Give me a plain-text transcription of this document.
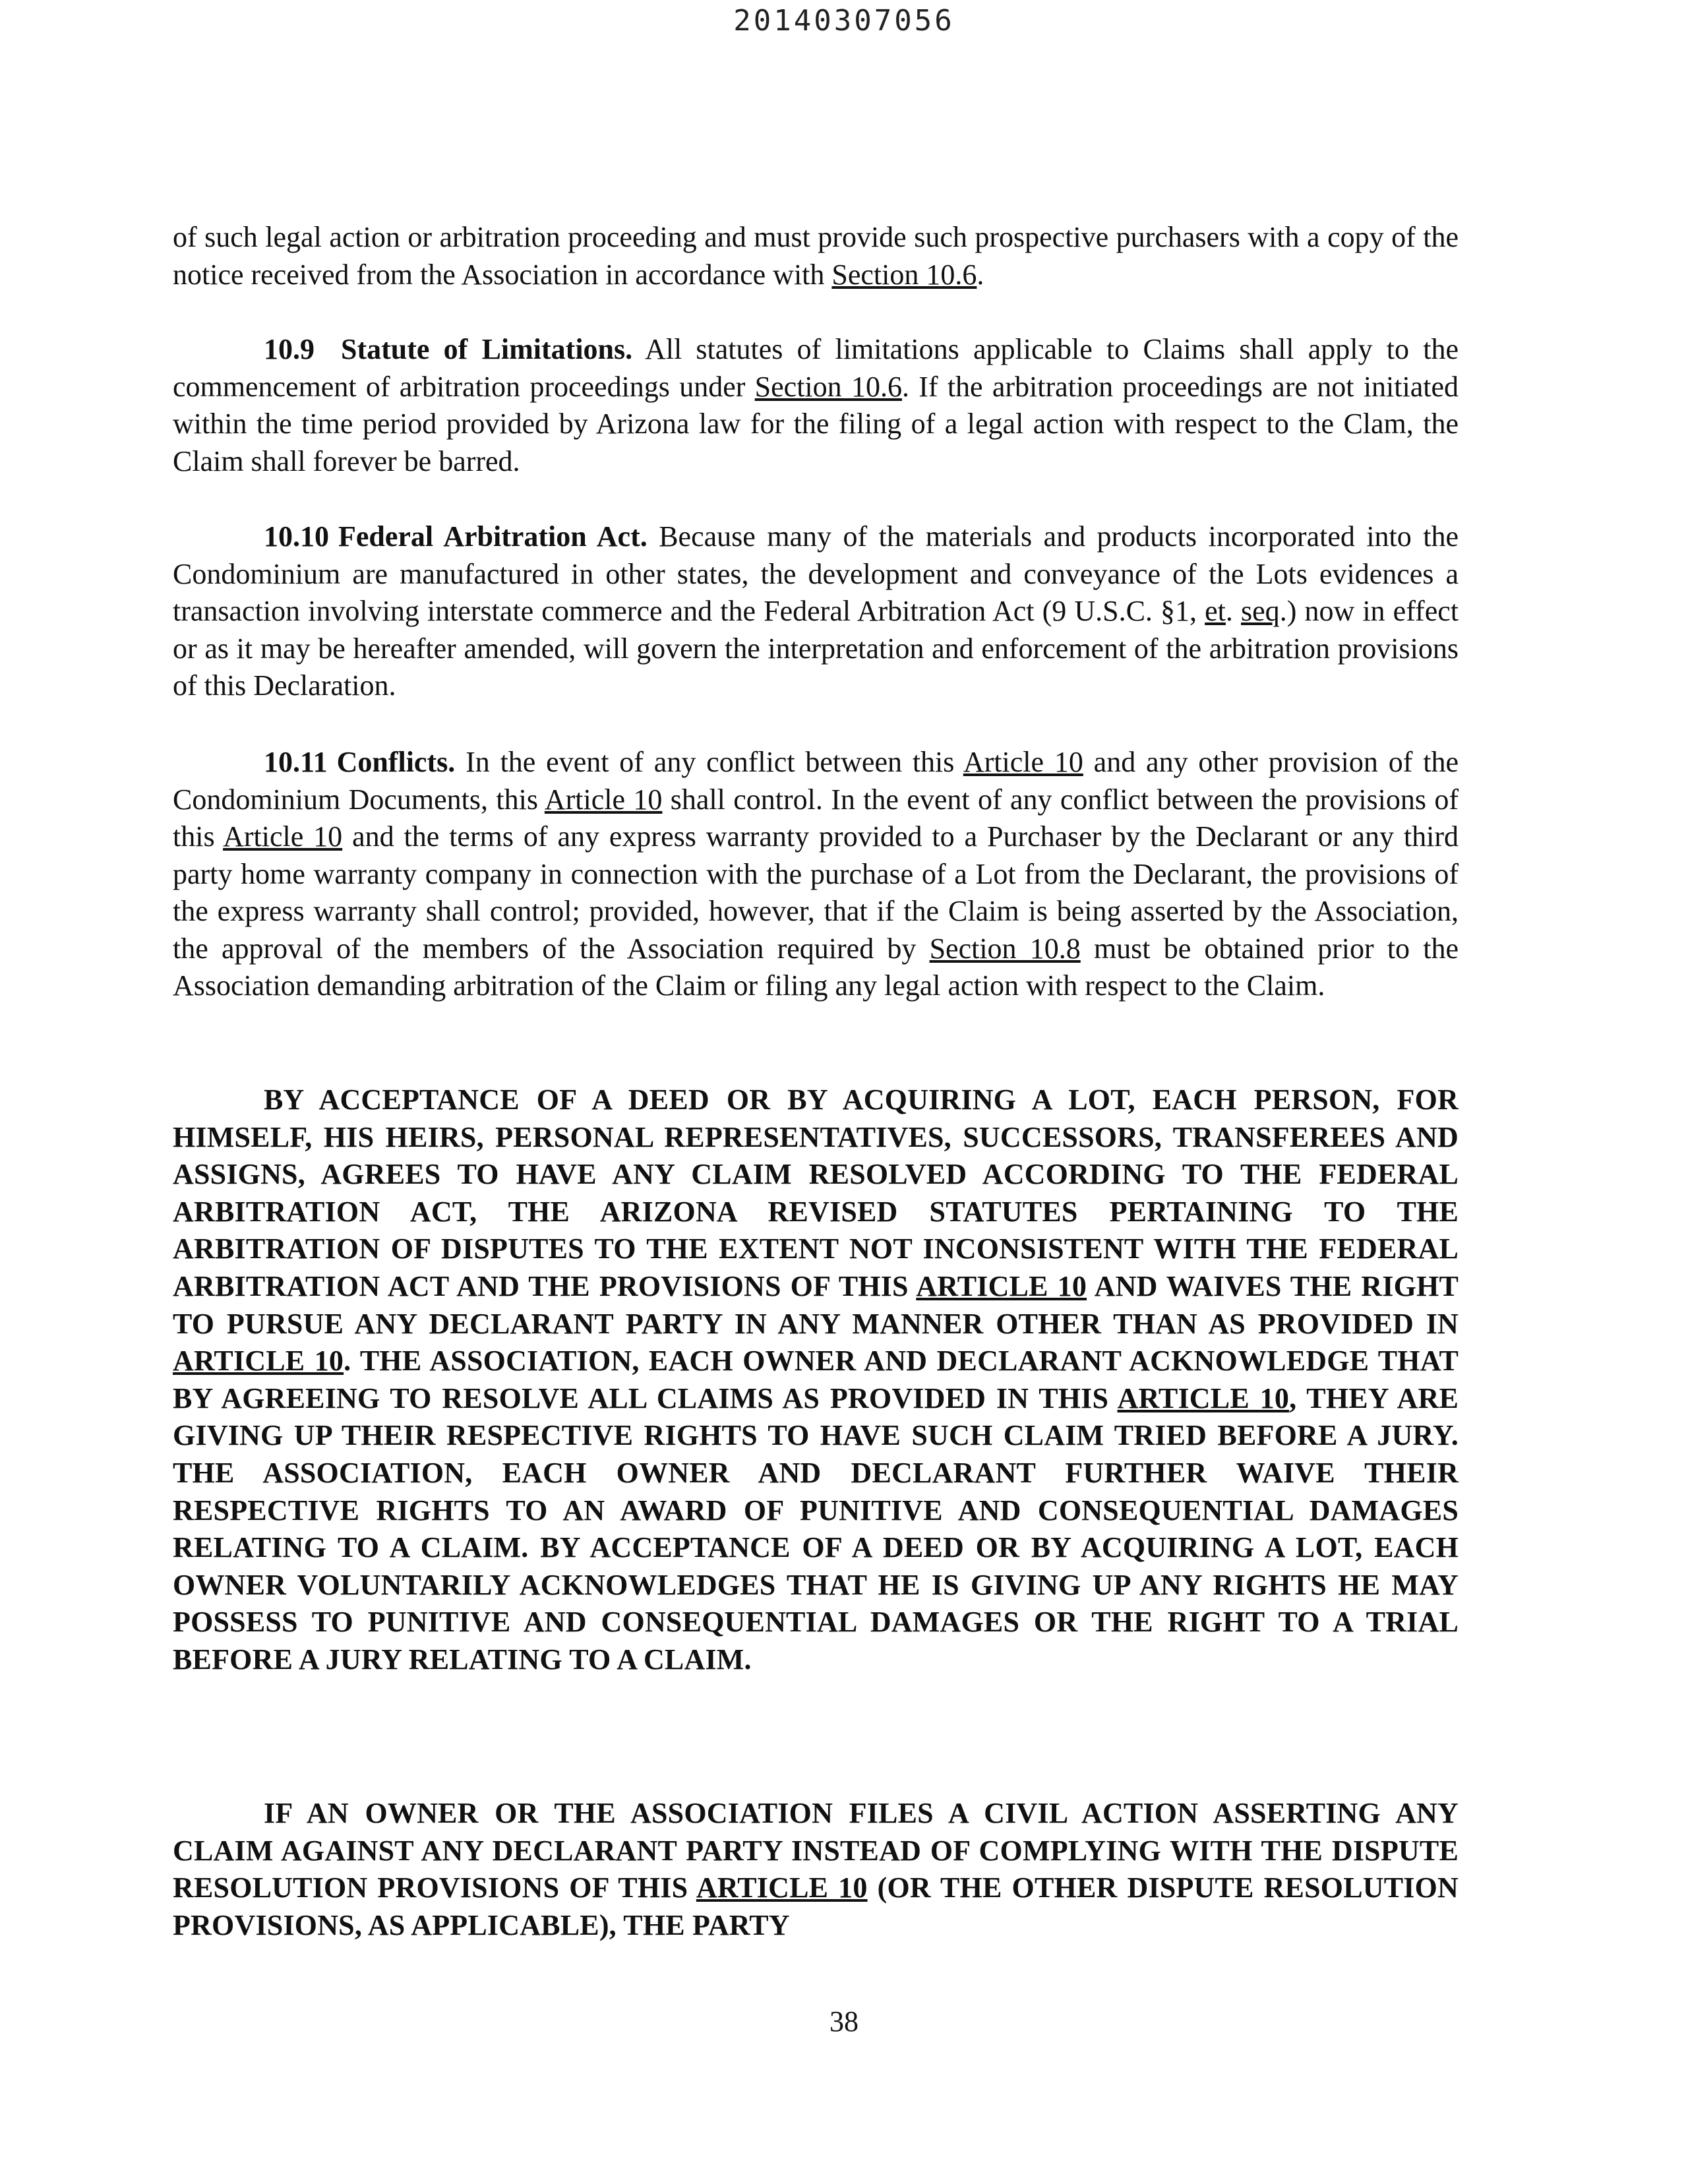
20140307056

of such legal action or arbitration proceeding and must provide such prospective purchasers with a copy of the notice received from the Association in accordance with Section 10.6.

10.9 Statute of Limitations. All statutes of limitations applicable to Claims shall apply to the commencement of arbitration proceedings under Section 10.6. If the arbitration proceedings are not initiated within the time period provided by Arizona law for the filing of a legal action with respect to the Clam, the Claim shall forever be barred.

10.10 Federal Arbitration Act. Because many of the materials and products incorporated into the Condominium are manufactured in other states, the development and conveyance of the Lots evidences a transaction involving interstate commerce and the Federal Arbitration Act (9 U.S.C. §1, et. seq.) now in effect or as it may be hereafter amended, will govern the interpretation and enforcement of the arbitration provisions of this Declaration.

10.11 Conflicts. In the event of any conflict between this Article 10 and any other provision of the Condominium Documents, this Article 10 shall control. In the event of any conflict between the provisions of this Article 10 and the terms of any express warranty provided to a Purchaser by the Declarant or any third party home warranty company in connection with the purchase of a Lot from the Declarant, the provisions of the express warranty shall control; provided, however, that if the Claim is being asserted by the Association, the approval of the members of the Association required by Section 10.8 must be obtained prior to the Association demanding arbitration of the Claim or filing any legal action with respect to the Claim.

BY ACCEPTANCE OF A DEED OR BY ACQUIRING A LOT, EACH PERSON, FOR HIMSELF, HIS HEIRS, PERSONAL REPRESENTATIVES, SUCCESSORS, TRANSFEREES AND ASSIGNS, AGREES TO HAVE ANY CLAIM RESOLVED ACCORDING TO THE FEDERAL ARBITRATION ACT, THE ARIZONA REVISED STATUTES PERTAINING TO THE ARBITRATION OF DISPUTES TO THE EXTENT NOT INCONSISTENT WITH THE FEDERAL ARBITRATION ACT AND THE PROVISIONS OF THIS ARTICLE 10 AND WAIVES THE RIGHT TO PURSUE ANY DECLARANT PARTY IN ANY MANNER OTHER THAN AS PROVIDED IN ARTICLE 10. THE ASSOCIATION, EACH OWNER AND DECLARANT ACKNOWLEDGE THAT BY AGREEING TO RESOLVE ALL CLAIMS AS PROVIDED IN THIS ARTICLE 10, THEY ARE GIVING UP THEIR RESPECTIVE RIGHTS TO HAVE SUCH CLAIM TRIED BEFORE A JURY. THE ASSOCIATION, EACH OWNER AND DECLARANT FURTHER WAIVE THEIR RESPECTIVE RIGHTS TO AN AWARD OF PUNITIVE AND CONSEQUENTIAL DAMAGES RELATING TO A CLAIM. BY ACCEPTANCE OF A DEED OR BY ACQUIRING A LOT, EACH OWNER VOLUNTARILY ACKNOWLEDGES THAT HE IS GIVING UP ANY RIGHTS HE MAY POSSESS TO PUNITIVE AND CONSEQUENTIAL DAMAGES OR THE RIGHT TO A TRIAL BEFORE A JURY RELATING TO A CLAIM.

IF AN OWNER OR THE ASSOCIATION FILES A CIVIL ACTION ASSERTING ANY CLAIM AGAINST ANY DECLARANT PARTY INSTEAD OF COMPLYING WITH THE DISPUTE RESOLUTION PROVISIONS OF THIS ARTICLE 10 (OR THE OTHER DISPUTE RESOLUTION PROVISIONS, AS APPLICABLE), THE PARTY

38
